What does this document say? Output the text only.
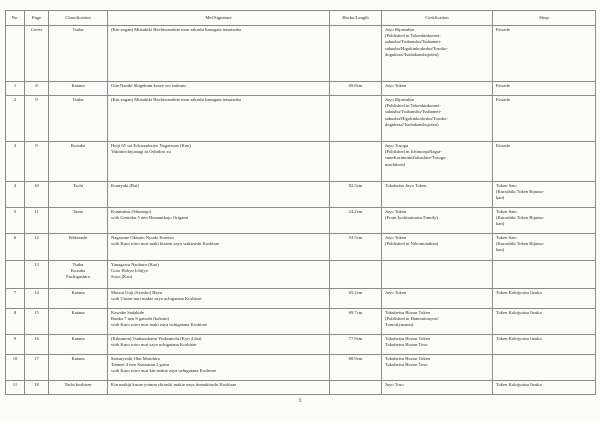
No.	Page	Classification	Mei/Signature	Hacho/Length	Certification	Shop
	Cover	Tsuba	(Kin zogan) Mitsuhiki Hachiwarabite mon sakashi hanagata tetsutsuba		Juyo Bijutsuhin
(Published in Tokenkinkomei-
sakushu/Tsubanshu/Tsubamei-
sakushu/Higokinkodoshu/Tosoko-
dogukeza/Tsubakanshojoten)	Eiwado
1	8	Katana	Oite Naniki Shigekuni koore wo tsukuru	69.8cm	Juyo Token	Eiwado
2	9	Tsuba	(Kin zogan) Mitsuhiki Hachiwarabite mon sakashi hanagata tetsutsuba		Juyo Bijutsuhin
(Published in Tokenkinkomei-
sakushu/Tsubanshu/Tsubamei-
sakushu/Higokinkodoshu/Tosoko-
dogukeza/Tsubakanshojoten)	Eiwado
3	9	Kozuka	Heiji 65 sai Echizenbaiyo Nagatsune (Kao)
Yukitnochiyanagi ni Oshidori zu		Juyo Tosogu
(Published in IchimonjaNagat-
suneKorimonoZukushite/Tosogu-
machibori)	Eiwado
4	10	Tachi	Kuniyuki (Rai)	82.5cm	Tokubetsu Juyo Token	Token Sato
(Kurashiki Token Bijutsu-
kan)
5	11	Tanto	Kunimitsu (Shintogo)
with Genroku 5 nen Honamikojo Origami	24.2cm	Juyo Token
(From Iyohisamatsu Family)	Token Sato
(Kurashiki Token Bijutsu-
kan)
6	12	Wakizashi	Nagasone Okisato Nyudo Kotetsu
with Kuro roiro nuri maki kizami zaya wakizashi Koshirae	53.5cm	Juyo Token
(Published in Nihontotaikan)	Token Sato
(Kurashiki Token Bijutsu-
kan)
	13	Tsuba
Kozuka
Fuchigashira	Yanagawa Naoharu (Kao)
Goto Hokyo Ichijyo
Soyo (Kao)			
7	14	Katana	Mutsui Uuji (Syusho) Hayu
with Urumi nuri makie zaya uchigatana Koshirae	65.2cm	Juyo Token	Token Kobijyutsu Iizuka
8	15	Katana	Kawabe Sadahide
Bunka 7 nen 8 gatsuhi (kokuin)
with Kuro roiro nuri maki zaya uchigatana Koshirae	69.7cm	Tokubetsu Hozon Token
(Published in Hamontonyosi/
Tomoriyusnon)	Token Kobijyutsu Iizuka
9	16	Katana	(Kikumon) Tsuhanokami Yoshimichi (Kyo 4 dai)
with Kuro roiro nuri saya uchigatana Koshirae	77.9cm	Tokubetsu Hozon Token
Tokubetsu Hozon Toso	Token Kobijyutsu Iizuka
10	17	Katana	Satsuryoshi Oku Motohira
Tenmei 4 nen Saruturan 2 gatsu
with Kuro roiro nuri kin makie zaya uchigatana Koshirae	68.9cm	Tokubetsu Hozon Token
Tokubetsu Hozon Toso	
11	18	Tachi koshirae	Kin nashiji kusae yuinon chirashi makie zaya itomakitachi Koshirae		Juyo Toso	Token Kobijyutsu Iizuka
1
